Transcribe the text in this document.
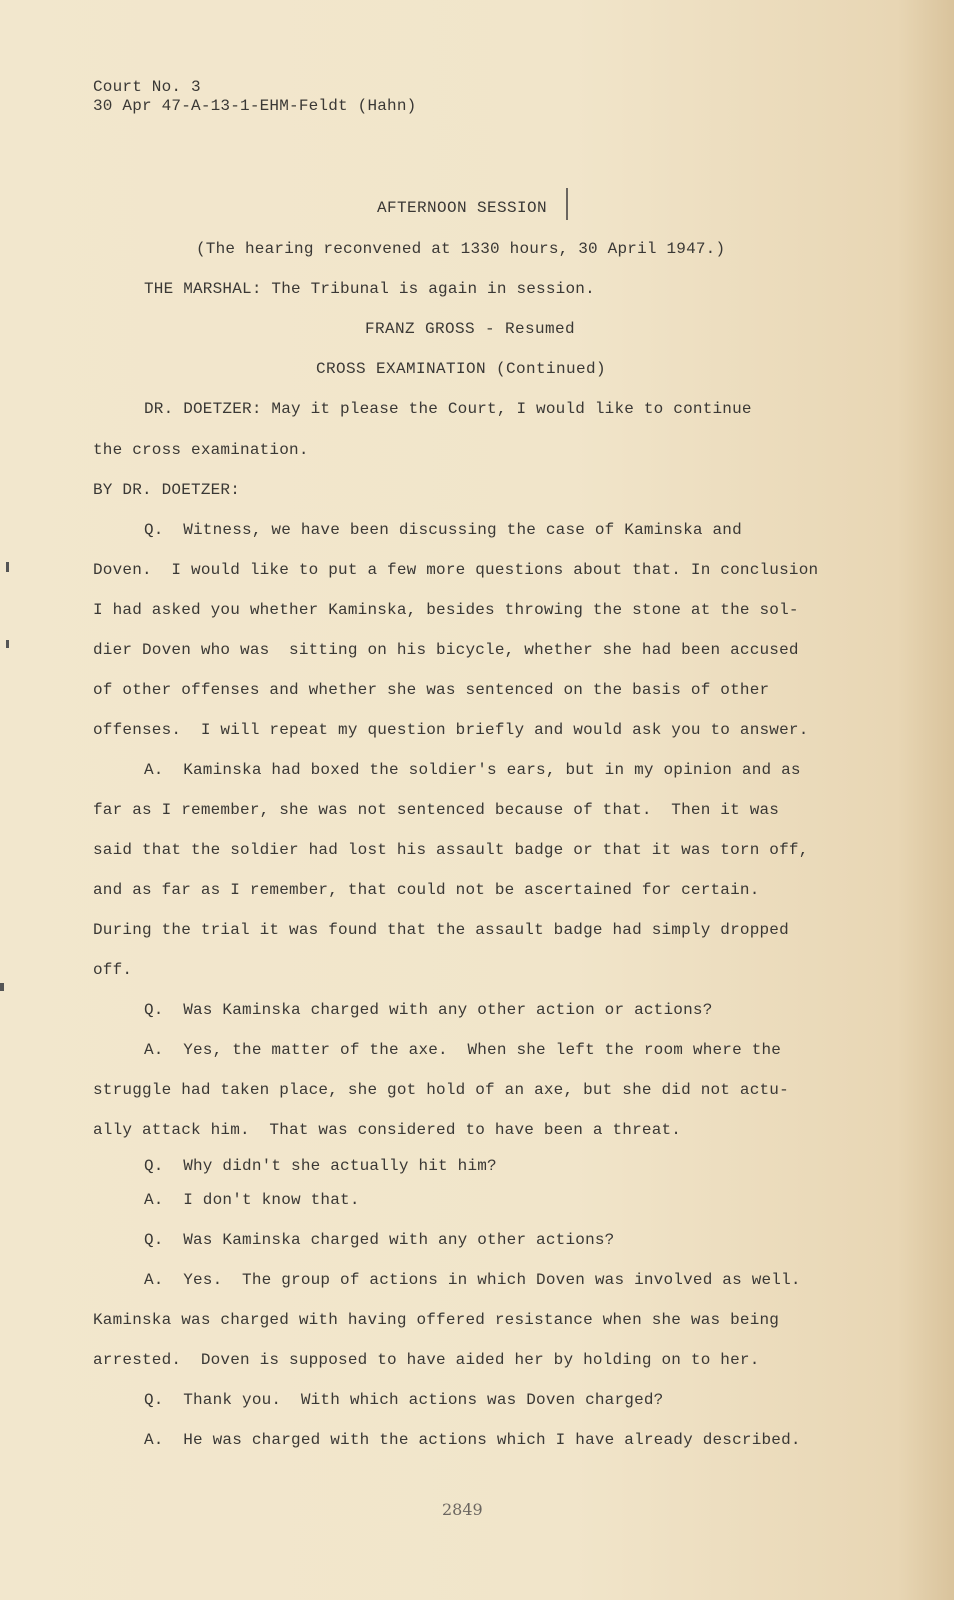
Court No. 3
30 Apr 47-A-13-1-EHM-Feldt (Hahn)
AFTERNOON SESSION
(The hearing reconvened at 1330 hours, 30 April 1947.)
THE MARSHAL: The Tribunal is again in session.
FRANZ GROSS - Resumed
CROSS EXAMINATION (Continued)
DR. DOETZER: May it please the Court, I would like to continue
the cross examination.
BY DR. DOETZER:
Q.  Witness, we have been discussing the case of Kaminska and
Doven.  I would like to put a few more questions about that. In conclusion
I had asked you whether Kaminska, besides throwing the stone at the sol-
dier Doven who was  sitting on his bicycle, whether she had been accused
of other offenses and whether she was sentenced on the basis of other
offenses.  I will repeat my question briefly and would ask you to answer.
A.  Kaminska had boxed the soldier's ears, but in my opinion and as
far as I remember, she was not sentenced because of that.  Then it was
said that the soldier had lost his assault badge or that it was torn off,
and as far as I remember, that could not be ascertained for certain.
During the trial it was found that the assault badge had simply dropped
off.
Q.  Was Kaminska charged with any other action or actions?
A.  Yes, the matter of the axe.  When she left the room where the
struggle had taken place, she got hold of an axe, but she did not actu-
ally attack him.  That was considered to have been a threat.
Q.  Why didn't she actually hit him?
A.  I don't know that.
Q.  Was Kaminska charged with any other actions?
A.  Yes.  The group of actions in which Doven was involved as well.
Kaminska was charged with having offered resistance when she was being
arrested.  Doven is supposed to have aided her by holding on to her.
Q.  Thank you.  With which actions was Doven charged?
A.  He was charged with the actions which I have already described.
2849
